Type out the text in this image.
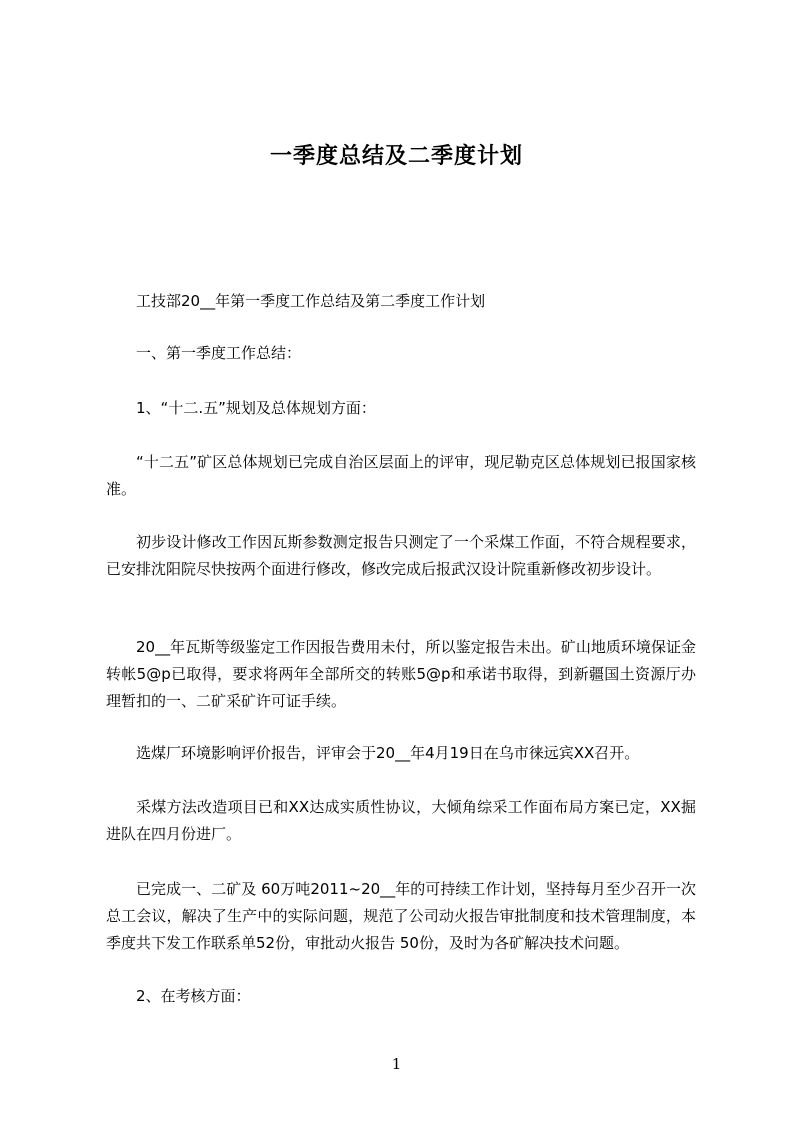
一季度总结及二季度计划
工技部20__年第一季度工作总结及第二季度工作计划
一、第一季度工作总结：
1、“十二.五”规划及总体规划方面：
“十二五”矿区总体规划已完成自治区层面上的评审，现尼勒克区总体规划已报国家核准。
初步设计修改工作因瓦斯参数测定报告只测定了一个采煤工作面，不符合规程要求，已安排沈阳院尽快按两个面进行修改，修改完成后报武汉设计院重新修改初步设计。
20__年瓦斯等级鉴定工作因报告费用未付，所以鉴定报告未出。矿山地质环境保证金转帐5@p已取得，要求将两年全部所交的转账5@p和承诺书取得，到新疆国土资源厅办理暂扣的一、二矿采矿许可证手续。
选煤厂环境影响评价报告，评审会于20__年4月19日在乌市徕远宾XX召开。
采煤方法改造项目已和XX达成实质性协议，大倾角综采工作面布局方案已定，XX掘进队在四月份进厂。
已完成一、二矿及 60万吨2011~20__年的可持续工作计划，坚持每月至少召开一次总工会议，解决了生产中的实际问题，规范了公司动火报告审批制度和技术管理制度，本季度共下发工作联系单52份，审批动火报告 50份，及时为各矿解决技术问题。
2、在考核方面：
1
